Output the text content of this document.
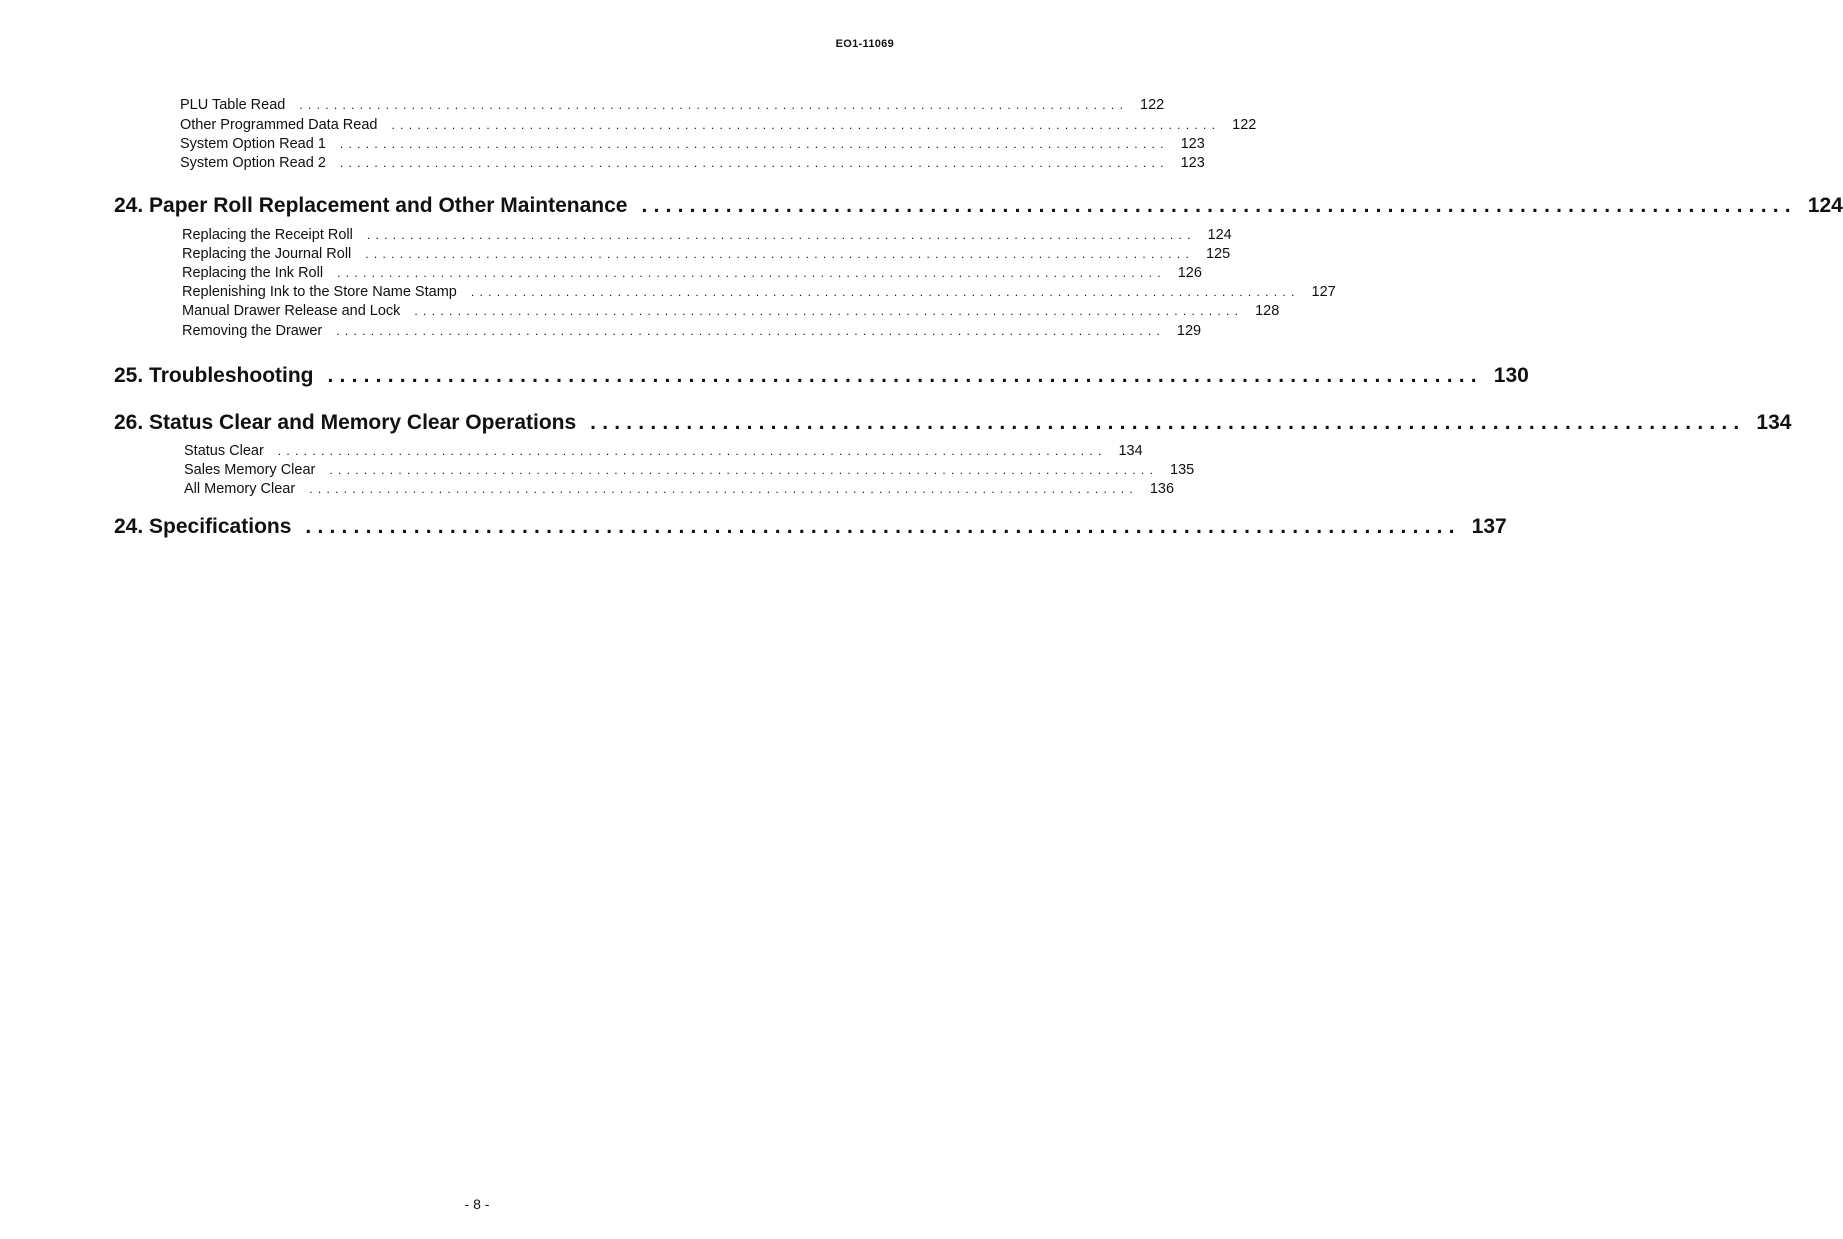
EO1-11069
PLU Table Read	................................................................................................ 122
Other Programmed Data Read	................................................................................................ 122
System Option Read 1	................................................................................................ 123
System Option Read 2	................................................................................................ 123
24. Paper Roll Replacement and Other Maintenance ................................................................................................ 124
Replacing the Receipt Roll	................................................................................................ 124
Replacing the Journal Roll	................................................................................................ 125
Replacing the Ink Roll	................................................................................................ 126
Replenishing Ink to the Store Name Stamp	................................................................................................ 127
Manual Drawer Release and Lock	................................................................................................ 128
Removing the Drawer	................................................................................................ 129
25. Troubleshooting ................................................................................................ 130
26. Status Clear and Memory Clear Operations ................................................................................................ 134
Status Clear	................................................................................................ 134
Sales Memory Clear	................................................................................................ 135
All Memory Clear	................................................................................................ 136
24. Specifications ................................................................................................ 137
- 8 -
